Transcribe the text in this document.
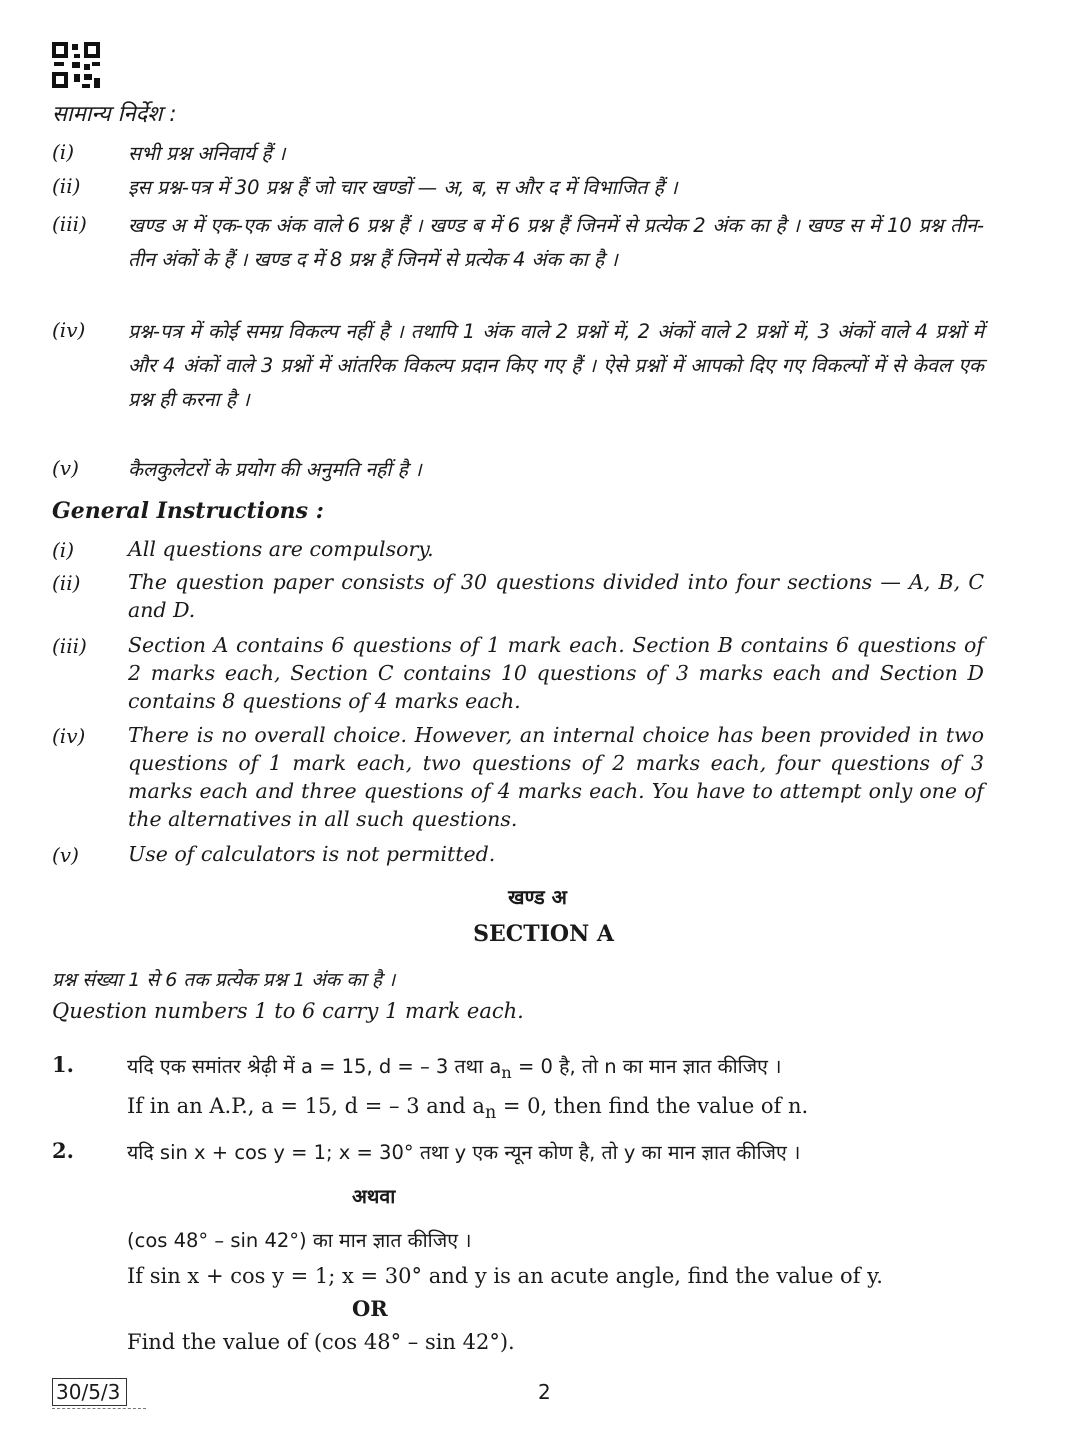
सामान्य निर्देश :
(i)	सभी प्रश्न अनिवार्य हैं ।
(ii) इस प्रश्न-पत्र में 30 प्रश्न हैं जो चार खण्डों — अ, ब, स और द में विभाजित हैं ।
(iii) खण्ड अ में एक-एक अंक वाले 6 प्रश्न हैं । खण्ड ब में 6 प्रश्न हैं जिनमें से प्रत्येक 2 अंक का है । खण्ड स में 10 प्रश्न तीन-तीन अंकों के हैं । खण्ड द में 8 प्रश्न हैं जिनमें से प्रत्येक 4 अंक का है ।
(iv) प्रश्न-पत्र में कोई समग्र विकल्प नहीं है । तथापि 1 अंक वाले 2 प्रश्नों में, 2 अंकों वाले 2 प्रश्नों में, 3 अंकों वाले 4 प्रश्नों में और 4 अंकों वाले 3 प्रश्नों में आंतरिक विकल्प प्रदान किए गए हैं । ऐसे प्रश्नों में आपको दिए गए विकल्पों में से केवल एक प्रश्न ही करना है ।
(v)	कैलकुलेटरों के प्रयोग की अनुमति नहीं है ।
General Instructions :
(i)	All questions are compulsory.
(ii) The question paper consists of 30 questions divided into four sections — A, B, C and D.
(iii) Section A contains 6 questions of 1 mark each. Section B contains 6 questions of 2 marks each, Section C contains 10 questions of 3 marks each and Section D contains 8 questions of 4 marks each.
(iv) There is no overall choice. However, an internal choice has been provided in two questions of 1 mark each, two questions of 2 marks each, four questions of 3 marks each and three questions of 4 marks each. You have to attempt only one of the alternatives in all such questions.
(v) Use of calculators is not permitted.
खण्ड अ
SECTION A
प्रश्न संख्या 1 से 6 तक प्रत्येक प्रश्न 1 अंक का है ।
Question numbers 1 to 6 carry 1 mark each.
1.	यदि एक समांतर श्रेढ़ी में a = 15, d = – 3 तथा $a_n = 0$ है, तो n का मान ज्ञात कीजिए ।
If in an A.P., a = 15, d = – 3 and $a_n = 0$, then find the value of n.
2.	यदि sin x + cos y = 1; x = 30° तथा y एक न्यून कोण है, तो y का मान ज्ञात कीजिए ।
अथवा
(cos 48° – sin 42°) का मान ज्ञात कीजिए ।
If sin x + cos y = 1; x = 30° and y is an acute angle, find the value of y.
OR
Find the value of (cos 48° – sin 42°).
30/5/3	2
